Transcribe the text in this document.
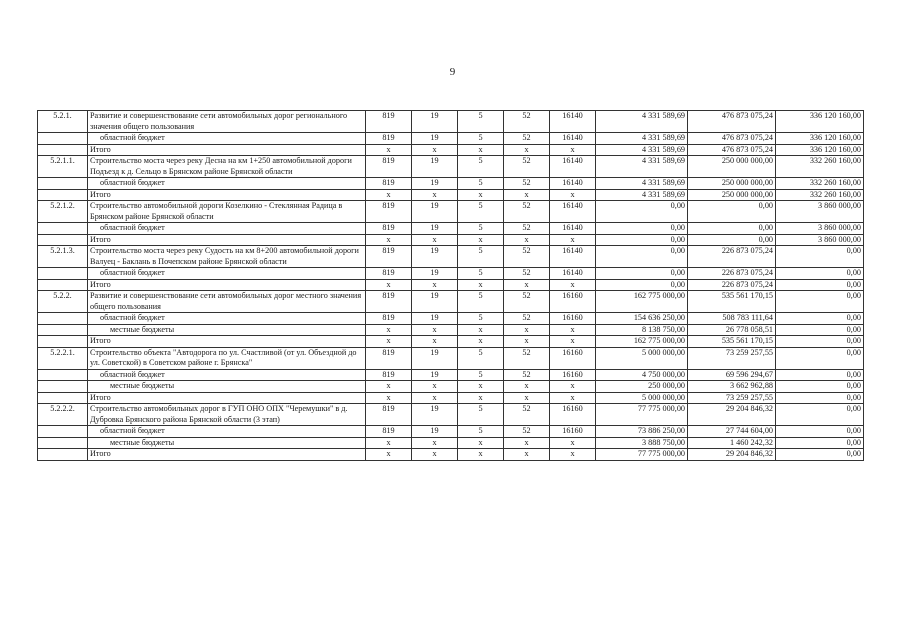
9
5.2.1.	Развитие и совершенствование сети автомобильных дорог регионального значения общего пользования	819	19	5	52	16140	4 331 589,69	476 873 075,24	336 120 160,00
	областной бюджет	819	19	5	52	16140	4 331 589,69	476 873 075,24	336 120 160,00
	Итого	x	x	x	x	x	4 331 589,69	476 873 075,24	336 120 160,00
5.2.1.1.	Строительство моста через реку Десна на км 1+250 автомобильной дороги Подъезд к д. Сельцо в Брянском районе Брянской области	819	19	5	52	16140	4 331 589,69	250 000 000,00	332 260 160,00
	областной бюджет	819	19	5	52	16140	4 331 589,69	250 000 000,00	332 260 160,00
	Итого	x	x	x	x	x	4 331 589,69	250 000 000,00	332 260 160,00
5.2.1.2.	Строительство автомобильной дороги Козелкино - Стеклянная Радица в Брянском районе Брянской области	819	19	5	52	16140	0,00	0,00	3 860 000,00
	областной бюджет	819	19	5	52	16140	0,00	0,00	3 860 000,00
	Итого	x	x	x	x	x	0,00	0,00	3 860 000,00
5.2.1.3.	Строительство моста через реку Судость на км 8+200 автомобильной дороги Валуец - Баклань в Почепском районе Брянской области	819	19	5	52	16140	0,00	226 873 075,24	0,00
	областной бюджет	819	19	5	52	16140	0,00	226 873 075,24	0,00
	Итого	x	x	x	x	x	0,00	226 873 075,24	0,00
5.2.2.	Развитие и совершенствование сети автомобильных дорог местного значения общего пользования	819	19	5	52	16160	162 775 000,00	535 561 170,15	0,00
	областной бюджет	819	19	5	52	16160	154 636 250,00	508 783 111,64	0,00
	местные бюджеты	x	x	x	x	x	8 138 750,00	26 778 058,51	0,00
	Итого	x	x	x	x	x	162 775 000,00	535 561 170,15	0,00
5.2.2.1.	Строительство объекта "Автодорога по ул. Счастливой (от ул. Объездной до ул. Советской) в Советском районе г. Брянска"	819	19	5	52	16160	5 000 000,00	73 259 257,55	0,00
	областной бюджет	819	19	5	52	16160	4 750 000,00	69 596 294,67	0,00
	местные бюджеты	x	x	x	x	x	250 000,00	3 662 962,88	0,00
	Итого	x	x	x	x	x	5 000 000,00	73 259 257,55	0,00
5.2.2.2.	Строительство автомобильных дорог в ГУП ОНО ОПХ "Черемушки" в д. Дубровка Брянского района Брянской области (3 этап)	819	19	5	52	16160	77 775 000,00	29 204 846,32	0,00
	областной бюджет	819	19	5	52	16160	73 886 250,00	27 744 604,00	0,00
	местные бюджеты	x	x	x	x	x	3 888 750,00	1 460 242,32	0,00
	Итого	x	x	x	x	x	77 775 000,00	29 204 846,32	0,00
